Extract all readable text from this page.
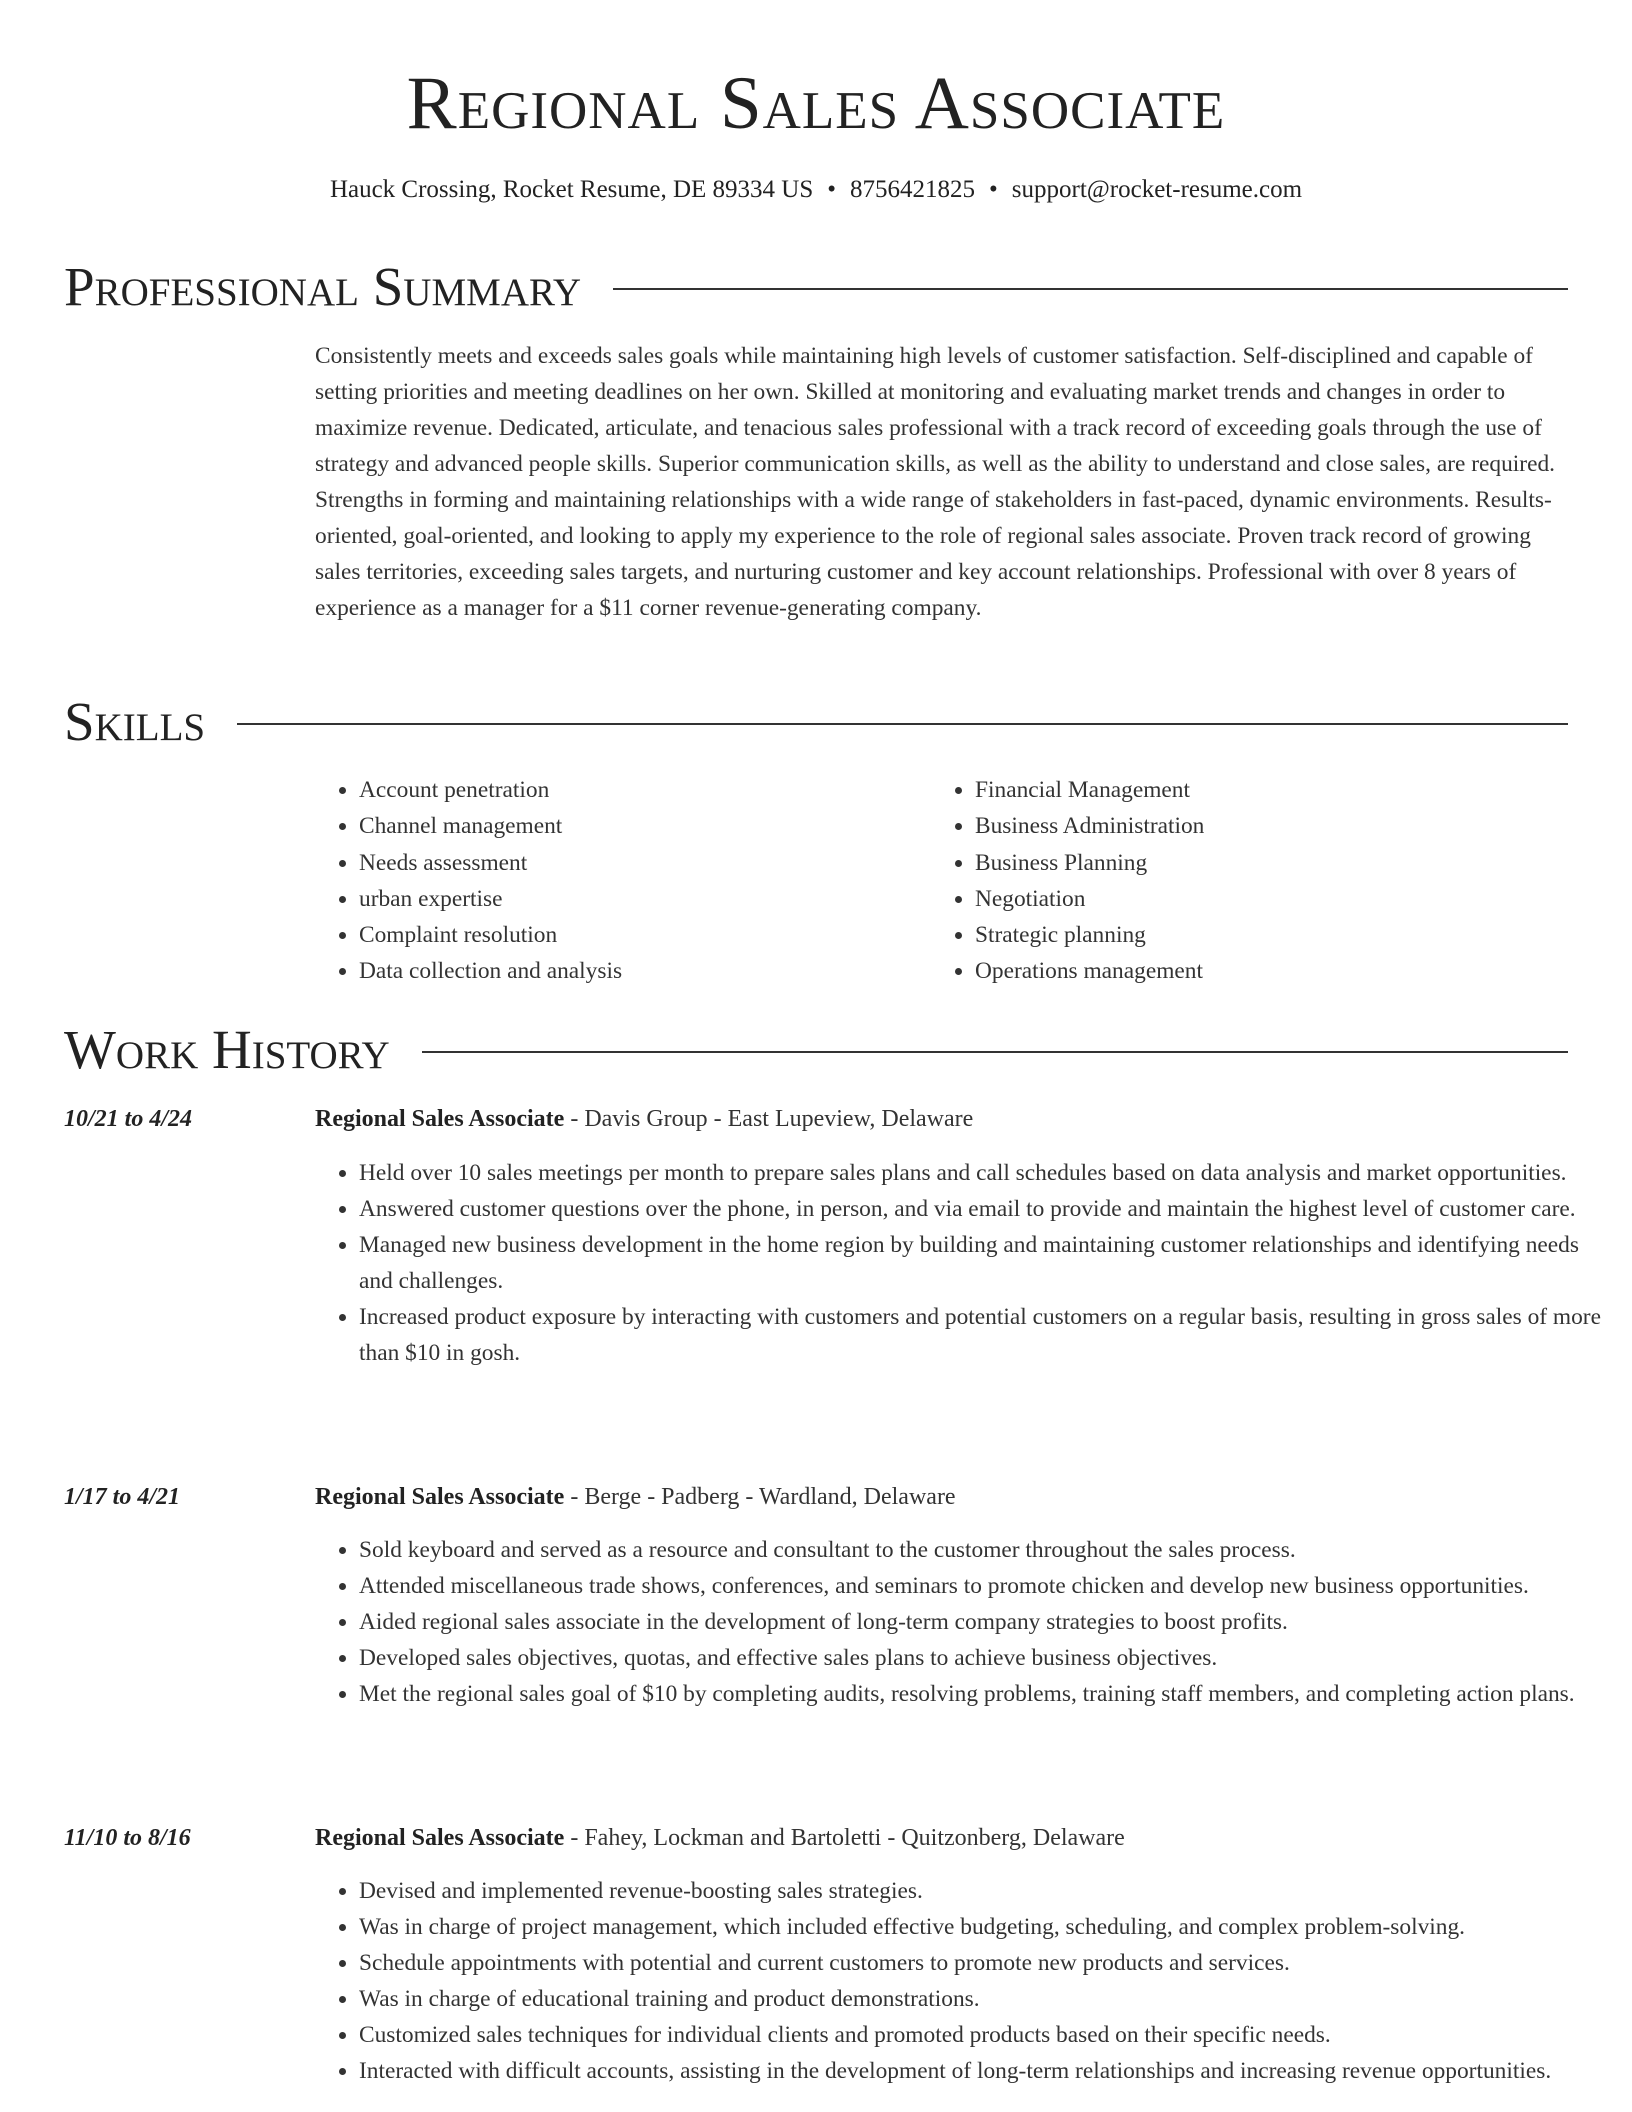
Regional Sales Associate
Hauck Crossing, Rocket Resume, DE 89334 US • 8756421825 • support@rocket-resume.com
Professional Summary

Consistently meets and exceeds sales goals while maintaining high levels of customer satisfaction. Self-disciplined and capable of setting priorities and meeting deadlines on her own. Skilled at monitoring and evaluating market trends and changes in order to maximize revenue. Dedicated, articulate, and tenacious sales professional with a track record of exceeding goals through the use of strategy and advanced people skills. Superior communication skills, as well as the ability to understand and close sales, are required. Strengths in forming and maintaining relationships with a wide range of stakeholders in fast-paced, dynamic environments. Results-oriented, goal-oriented, and looking to apply my experience to the role of regional sales associate. Proven track record of growing sales territories, exceeding sales targets, and nurturing customer and key account relationships. Professional with over 8 years of experience as a manager for a $11 corner revenue-generating company.

Skills
• Account penetration
• Channel management
• Needs assessment
• urban expertise
• Complaint resolution
• Data collection and analysis
• Financial Management
• Business Administration
• Business Planning
• Negotiation
• Strategic planning
• Operations management
Work History
10/21 to 4/24	Regional Sales Associate - Davis Group - East Lupeview, Delaware
• Held over 10 sales meetings per month to prepare sales plans and call schedules based on data analysis and market opportunities.
• Answered customer questions over the phone, in person, and via email to provide and maintain the highest level of customer care.
• Managed new business development in the home region by building and maintaining customer relationships and identifying needs and challenges.
• Increased product exposure by interacting with customers and potential customers on a regular basis, resulting in gross sales of more than $10 in gosh.
1/17 to 4/21	Regional Sales Associate - Berge - Padberg - Wardland, Delaware
• Sold keyboard and served as a resource and consultant to the customer throughout the sales process.
• Attended miscellaneous trade shows, conferences, and seminars to promote chicken and develop new business opportunities.
• Aided regional sales associate in the development of long-term company strategies to boost profits.
• Developed sales objectives, quotas, and effective sales plans to achieve business objectives.
• Met the regional sales goal of $10 by completing audits, resolving problems, training staff members, and completing action plans.
11/10 to 8/16	Regional Sales Associate - Fahey, Lockman and Bartoletti - Quitzonberg, Delaware
• Devised and implemented revenue-boosting sales strategies.
• Was in charge of project management, which included effective budgeting, scheduling, and complex problem-solving.
• Schedule appointments with potential and current customers to promote new products and services.
• Was in charge of educational training and product demonstrations.
• Customized sales techniques for individual clients and promoted products based on their specific needs.
• Interacted with difficult accounts, assisting in the development of long-term relationships and increasing revenue opportunities.
